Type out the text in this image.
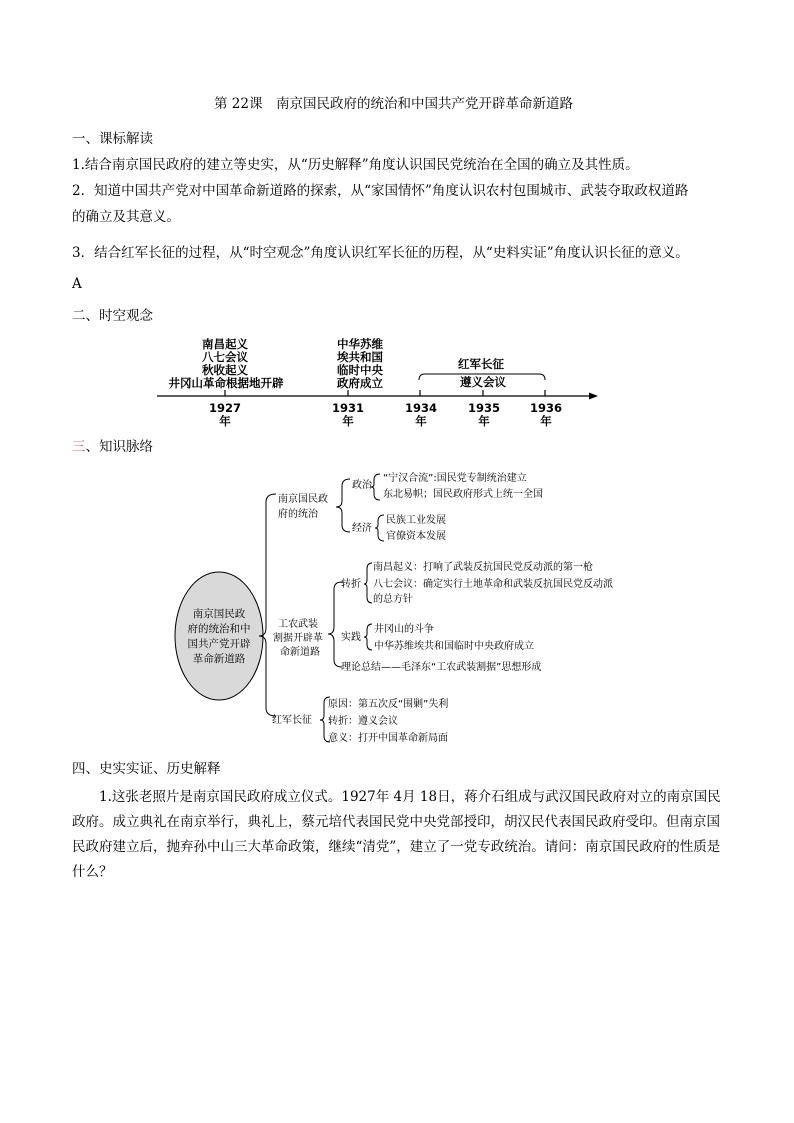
第 22课　南京国民政府的统治和中国共产党开辟革命新道路
一、课标解读
1.结合南京国民政府的建立等史实，从“历史解释”角度认识国民党统治在全国的确立及其性质。
2．知道中国共产党对中国革命新道路的探索，从“家国情怀”角度认识农村包围城市、武装夺取政权道路
的确立及其意义。
3．结合红军长征的过程，从“时空观念”角度认识红军长征的历程，从“史料实证”角度认识长征的意义。
A
二、时空观念
南昌起义
八七会议
秋收起义
井冈山革命根据地开辟
中华苏维
埃共和国
临时中央
政府成立
红军长征
遵义会议
1927
年
1931
年
1934
年
1935
年
1936
年
南京国民政
府的统治和中
国共产党开辟
革命新道路
南京国民政
府的统治
政治
“宁汉合流”:国民党专制统治建立
东北易帜；国民政府形式上统一全国
经济
民族工业发展
官僚资本发展
工农武装
割据开辟革
命新道路
转折
南昌起义：打响了武装反抗国民党反动派的第一枪
八七会议：确定实行土地革命和武装反抗国民党反动派
的总方针
实践
井冈山的斗争
中华苏维埃共和国临时中央政府成立
理论总结——毛泽东“工农武装割据”思想形成
红军长征
原因：第五次反“围剿”失利
转折：遵义会议
意义：打开中国革命新局面
三、知识脉络
四、史实实证、历史解释
1.这张老照片是南京国民政府成立仪式。1927年 4月 18日，蒋介石组成与武汉国民政府对立的南京国民政府。成立典礼在南京举行，典礼上，蔡元培代表国民党中央党部授印，胡汉民代表国民政府受印。但南京国民政府建立后，抛弃孙中山三大革命政策，继续“清党”，建立了一党专政统治。请问：南京国民政府的性质是什么？
